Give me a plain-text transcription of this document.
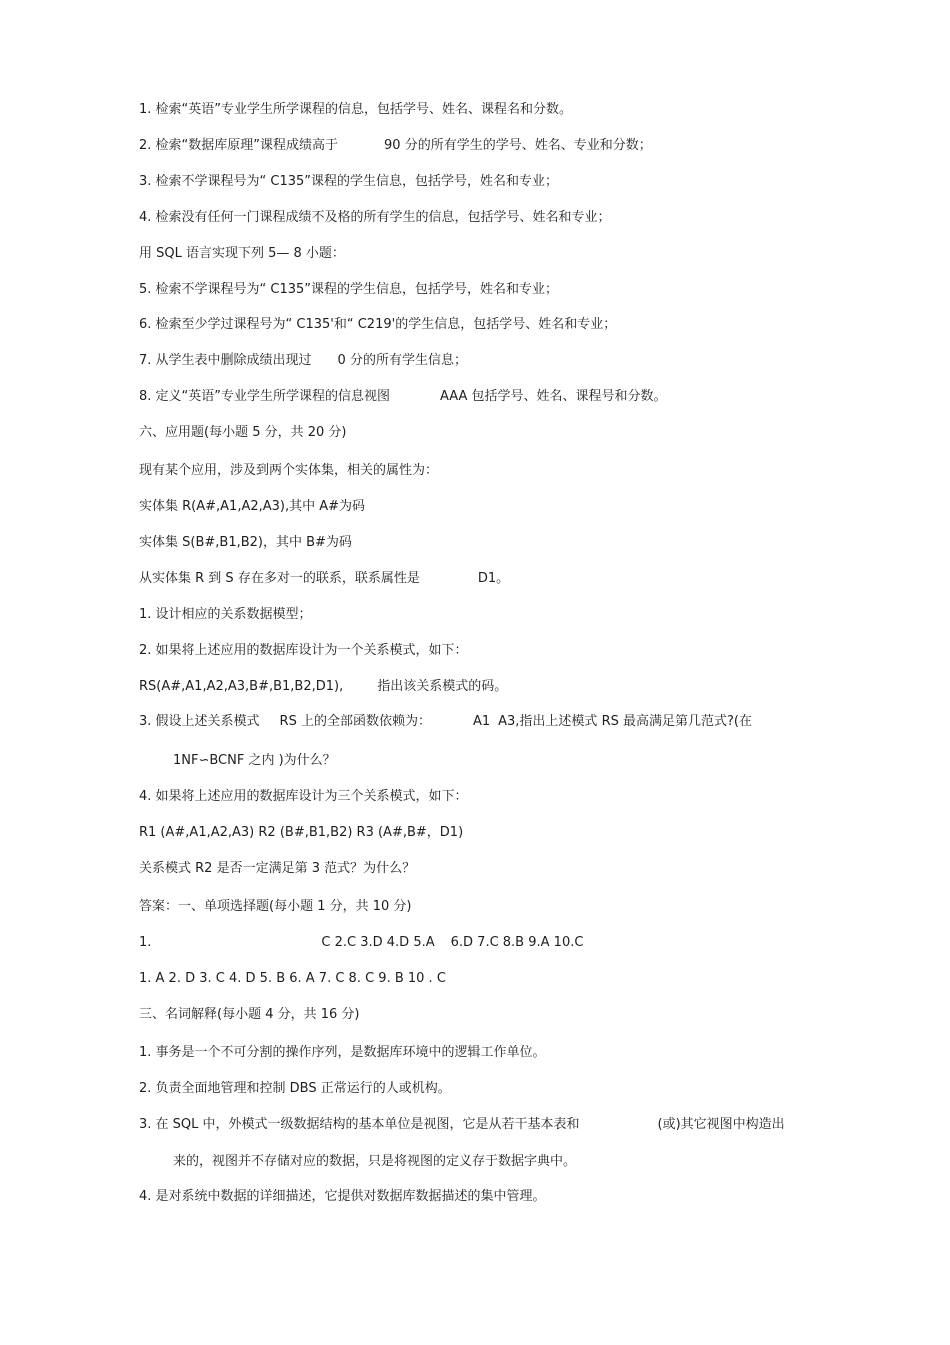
1. 检索“英语”专业学生所学课程的信息，包括学号、姓名、课程名和分数。
2. 检索“数据库原理”课程成绩高于	90 分的所有学生的学号、姓名、专业和分数；
3. 检索不学课程号为“ C135”课程的学生信息，包括学号，姓名和专业；
4. 检索没有任何一门课程成绩不及格的所有学生的信息，包括学号、姓名和专业；
用 SQL 语言实现下列 5— 8 小题：
5. 检索不学课程号为“ C135”课程的学生信息，包括学号，姓名和专业；
6. 检索至少学过课程号为“ C135'和“ C219'的学生信息，包括学号、姓名和专业；
7. 从学生表中删除成绩出现过 0 分的所有学生信息；
8. 定义“英语”专业学生所学课程的信息视图	AAA 包括学号、姓名、课程号和分数。
六、应用题(每小题 5 分，共 20 分)
现有某个应用，涉及到两个实体集，相关的属性为：
实体集 R(A#,A1,A2,A3),其中 A#为码
实体集 S(B#,B1,B2)，其中 B#为码
从实体集 R 到 S 存在多对一的联系，联系属性是	D1。
1. 设计相应的关系数据模型；
2. 如果将上述应用的数据库设计为一个关系模式，如下：
RS(A#,A1,A2,A3,B#,B1,B2,D1),	指出该关系模式的码。
3. 假设上述关系模式 RS 上的全部函数依赖为：	A1 A3,指出上述模式 RS 最高满足第几范式?(在
1NF∽BCNF 之内 )为什么？
4. 如果将上述应用的数据库设计为三个关系模式，如下：
R1 (A#,A1,A2,A3) R2 (B#,B1,B2) R3 (A#,B#，D1)
关系模式 R2 是否一定满足第 3 范式？为什么？
答案：一、单项选择题(每小题 1 分，共 10 分)
1.	C 2.C 3.D 4.D 5.A 6.D 7.C 8.B 9.A 10.C
1. A 2. D 3. C 4. D 5. B 6. A 7. C 8. C 9. B 10 . C
三、名词解释(每小题 4 分，共 16 分)
1. 事务是一个不可分割的操作序列，是数据库环境中的逻辑工作单位。
2. 负责全面地管理和控制 DBS 正常运行的人或机构。
3. 在 SQL 中，外模式一级数据结构的基本单位是视图，它是从若干基本表和	(或)其它视图中构造出
来的，视图并不存储对应的数据，只是将视图的定义存于数据字典中。
4. 是对系统中数据的详细描述，它提供对数据库数据描述的集中管理。
